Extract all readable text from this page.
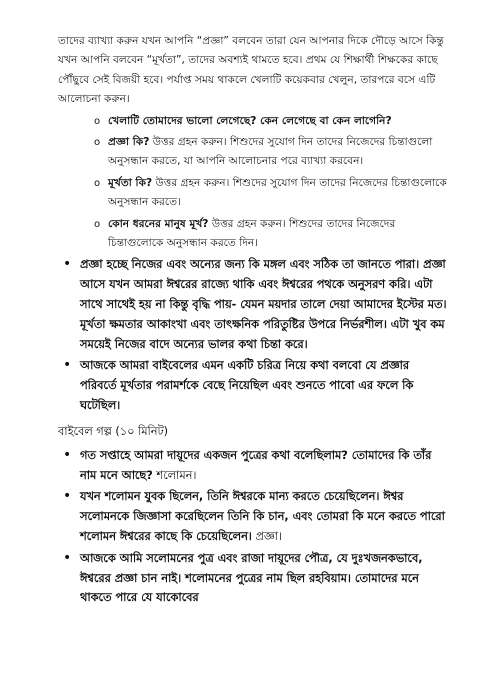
তাদের ব্যাখ্যা করুন যখন আপনি “প্রজ্ঞা” বলবেন তারা যেন আপনার দিকে দৌড়ে আসে কিন্তু যখন আপনি বলবেন “মূর্খতা”, তাদের অবশ্যই থামতে হবে। প্রথম যে শিক্ষার্থী শিক্ষকের কাছে পৌঁছুবে সেই বিজয়ী হবে। পর্যাপ্ত সময় থাকলে খেলাটি কয়েকবার খেলুন, তারপরে বসে এটি আলোচনা করুন।

o খেলাটি তোমাদের ভালো লেগেছে? কেন লেগেছে বা কেন লাগেনি?
o প্রজ্ঞা কি? উত্তর গ্রহন করুন। শিশুদের সুযোগ দিন তাদের নিজেদের চিন্তাগুলো অনুসন্ধান করতে, যা আপনি আলোচনার পরে ব্যাখ্যা করবেন।
o মূর্খতা কি? উত্তর গ্রহন করুন। শিশুদের সুযোগ দিন তাদের নিজেদের চিন্তাগুলোকে অনুসন্ধান করতে।
o কোন ধরনের মানুষ মূর্খ? উত্তর গ্রহন করুন। শিশুদের তাদের নিজেদের চিন্তাগুলোকে অনুসন্ধান করতে দিন।
• প্রজ্ঞা হচ্ছে নিজের এবং অন্যের জন্য কি মঙ্গল এবং সঠিক তা জানতে পারা। প্রজ্ঞা আসে যখন আমরা ঈশ্বরের রাজ্যে থাকি এবং ঈশ্বরের পথকে অনুসরণ করি। এটা সাথে সাথেই হয় না কিন্তু বৃদ্ধি পায়- যেমন ময়দার তালে দেয়া আমাদের ইস্টের মত। মূর্খতা ক্ষমতার আকাংখা এবং তাৎক্ষনিক পরিতুষ্টির উপরে নির্ভরশীল। এটা খুব কম সময়েই নিজের বাদে অন্যের ভালর কথা চিন্তা করে।
• আজকে আমরা বাইবেলের এমন একটি চরিত্র নিয়ে কথা বলবো যে প্রজ্ঞার পরিবর্তে মূর্খতার পরামর্শকে বেছে নিয়েছিল এবং শুনতে পাবো এর ফলে কি ঘটেছিল।
বাইবেল গল্প (১০ মিনিট)
• গত সপ্তাহে আমরা দায়ূদের একজন পুত্রের কথা বলেছিলাম? তোমাদের কি তাঁর নাম মনে আছে? শলোমন।
• যখন শলোমন যুবক ছিলেন, তিনি ঈশ্বরকে মান্য করতে চেয়েছিলেন। ঈশ্বর সলোমনকে জিজ্ঞাসা করেছিলেন তিনি কি চান, এবং তোমরা কি মনে করতে পারো শলোমন ঈশ্বরের কাছে কি চেয়েছিলেন। প্রজ্ঞা।
• আজকে আমি সলোমনের পুত্র এবং রাজা দায়ূদের পৌত্র, যে দুঃখজনকভাবে, ঈশ্বরের প্রজ্ঞা চান নাই। শলোমনের পুত্রের নাম ছিল রহবিয়াম। তোমাদের মনে থাকতে পারে যে যাকোবের
